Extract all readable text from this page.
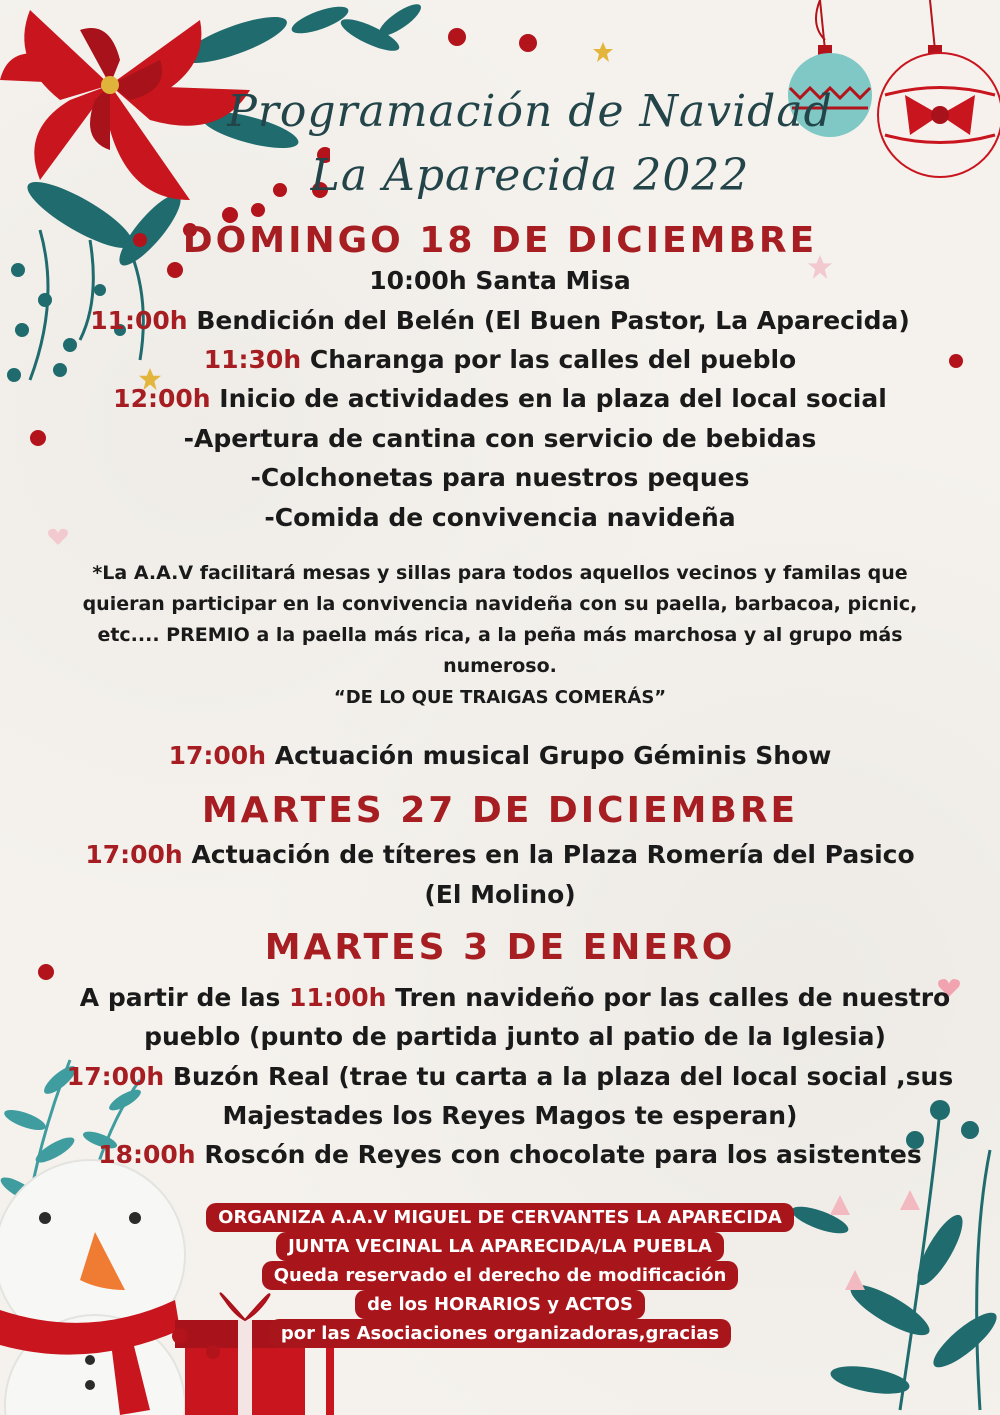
Programación de Navidad
La Aparecida 2022
DOMINGO 18 DE DICIEMBRE
10:00h Santa Misa
11:00h Bendición del Belén (El Buen Pastor, La Aparecida)
11:30h Charanga por las calles del pueblo
12:00h Inicio de actividades en la plaza del local social
-Apertura de cantina con servicio de bebidas
-Colchonetas para nuestros peques
-Comida de convivencia navideña
*La A.A.V facilitará mesas y sillas para todos aquellos vecinos y familas que
quieran participar en la convivencia navideña con su paella, barbacoa, picnic,
etc.... PREMIO a la paella más rica, a la peña más marchosa y al grupo más
numeroso.
“DE LO QUE TRAIGAS COMERÁS”
17:00h Actuación musical Grupo Géminis Show
MARTES 27 DE DICIEMBRE
17:00h Actuación de títeres en la Plaza Romería del Pasico
(El Molino)
MARTES 3 DE ENERO
A partir de las 11:00h Tren navideño por las calles de nuestro
pueblo (punto de partida junto al patio de la Iglesia)
17:00h Buzón Real (trae tu carta a la plaza del local social ,sus
Majestades los Reyes Magos te esperan)
18:00h Roscón de Reyes con chocolate para los asistentes
ORGANIZA A.A.V MIGUEL DE CERVANTES LA APARECIDA
JUNTA VECINAL LA APARECIDA/LA PUEBLA
Queda reservado el derecho de modificación
de los HORARIOS y ACTOS
por las Asociaciones organizadoras,gracias
